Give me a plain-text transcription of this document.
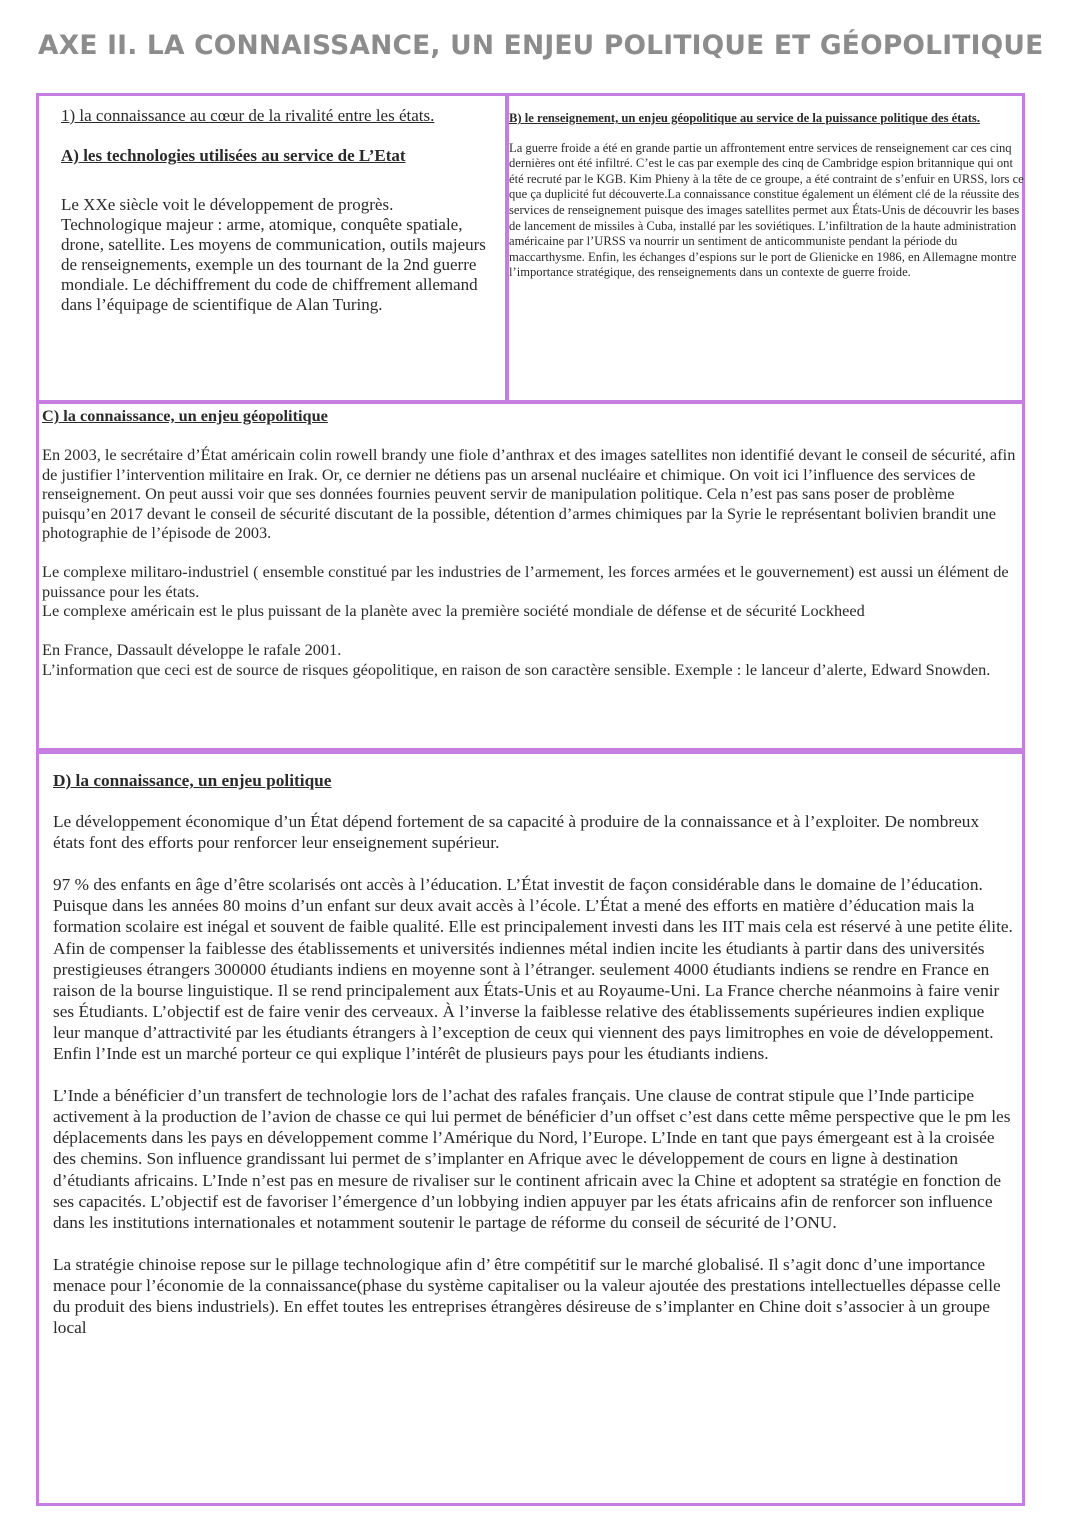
AXE II. LA CONNAISSANCE, UN ENJEU POLITIQUE ET GÉOPOLITIQUE

1) la connaissance au cœur de la rivalité entre les états.

A) les technologies utilisées au service de L’Etat

Le XXe siècle voit le développement de progrès. Technologique majeur : arme, atomique, conquête spatiale, drone, satellite. Les moyens de communication, outils majeurs de renseignements, exemple un des tournant de la 2nd guerre mondiale. Le déchiffrement du code de chiffrement allemand dans l’équipage de scientifique de Alan Turing.

B) le renseignement, un enjeu géopolitique au service de la puissance politique des états.

La guerre froide a été en grande partie un affrontement entre services de renseignement car ces cinq dernières ont été infiltré. C’est le cas par exemple des cinq de Cambridge espion britannique qui ont été recruté par le KGB. Kim Phieny à la tête de ce groupe, a été contraint de s’enfuir en URSS, lors ce que ça duplicité fut découverte.La connaissance constitue également un élément clé de la réussite des services de renseignement puisque des images satellites permet aux États-Unis de découvrir les bases de lancement de missiles à Cuba, installé par les soviétiques. L’infiltration de la haute administration américaine par l’URSS va nourrir un sentiment de anticommuniste pendant la période du maccarthysme. Enfin, les échanges d’espions sur le port de Glienicke en 1986, en Allemagne montre l’importance stratégique, des renseignements dans un contexte de guerre froide.

C) la connaissance, un enjeu géopolitique

En 2003, le secrétaire d’État américain colin rowell brandy une fiole d’anthrax et des images satellites non identifié devant le conseil de sécurité, afin de justifier l’intervention militaire en Irak. Or, ce dernier ne détiens pas un arsenal nucléaire et chimique. On voit ici l’influence des services de renseignement. On peut aussi voir que ses données fournies peuvent servir de manipulation politique. Cela n’est pas sans poser de problème puisqu’en 2017 devant le conseil de sécurité discutant de la possible, détention d’armes chimiques par la Syrie le représentant bolivien brandit une photographie de l’épisode de 2003.

Le complexe militaro-industriel ( ensemble constitué par les industries de l’armement, les forces armées et le gouvernement) est aussi un élément de puissance pour les états.

Le complexe américain est le plus puissant de la planète avec la première société mondiale de défense et de sécurité Lockheed

En France, Dassault développe le rafale 2001.

L’information que ceci est de source de risques géopolitique, en raison de son caractère sensible. Exemple : le lanceur d’alerte, Edward Snowden.

D) la connaissance, un enjeu politique

Le développement économique d’un État dépend fortement de sa capacité à produire de la connaissance et à l’exploiter. De nombreux états font des efforts pour renforcer leur enseignement supérieur.

97 % des enfants en âge d’être scolarisés ont accès à l’éducation. L’État investit de façon considérable dans le domaine de l’éducation. Puisque dans les années 80 moins d’un enfant sur deux avait accès à l’école. L’État a mené des efforts en matière d’éducation mais la formation scolaire est inégal et souvent de faible qualité. Elle est principalement investi dans les IIT mais cela est réservé à une petite élite. Afin de compenser la faiblesse des établissements et universités indiennes métal indien incite les étudiants à partir dans des universités prestigieuses étrangers 300000 étudiants indiens en moyenne sont à l’étranger. seulement 4000 étudiants indiens se rendre en France en raison de la bourse linguistique. Il se rend principalement aux États-Unis et au Royaume-Uni. La France cherche néanmoins à faire venir ses Étudiants. L’objectif est de faire venir des cerveaux. À l’inverse la faiblesse relative des établissements supérieures indien explique leur manque d’attractivité par les étudiants étrangers à l’exception de ceux qui viennent des pays limitrophes en voie de développement. Enfin l’Inde est un marché porteur ce qui explique l’intérêt de plusieurs pays pour les étudiants indiens.

L’Inde a bénéficier d’un transfert de technologie lors de l’achat des rafales français. Une clause de contrat stipule que l’Inde participe activement à la production de l’avion de chasse ce qui lui permet de bénéficier d’un offset c’est dans cette même perspective que le pm les déplacements dans les pays en développement comme l’Amérique du Nord, l’Europe. L’Inde en tant que pays émergeant est à la croisée des chemins. Son influence grandissant lui permet de s’implanter en Afrique avec le développement de cours en ligne à destination d’étudiants africains. L’Inde n’est pas en mesure de rivaliser sur le continent africain avec la Chine et adoptent sa stratégie en fonction de ses capacités. L’objectif est de favoriser l’émergence d’un lobbying indien appuyer par les états africains afin de renforcer son influence dans les institutions internationales et notamment soutenir le partage de réforme du conseil de sécurité de l’ONU.

La stratégie chinoise repose sur le pillage technologique afin d’ être compétitif sur le marché globalisé. Il s’agit donc d’une importance menace pour l’économie de la connaissance(phase du système capitaliser ou la valeur ajoutée des prestations intellectuelles dépasse celle du produit des biens industriels). En effet toutes les entreprises étrangères désireuse de s’implanter en Chine doit s’associer à un groupe local
